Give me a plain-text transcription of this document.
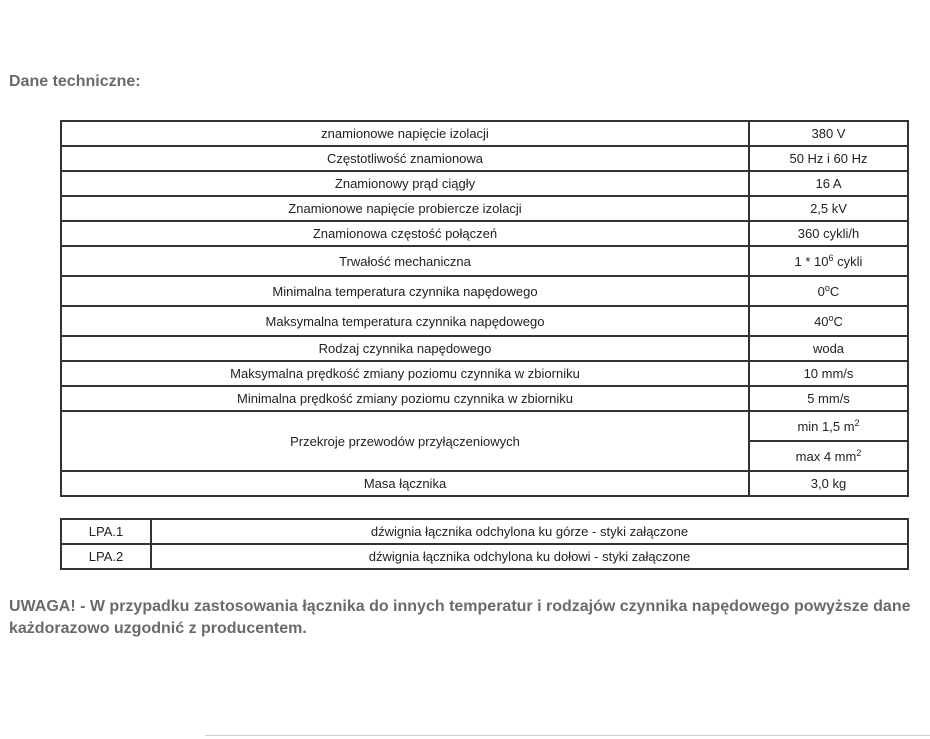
Dane techniczne:
znamionowe napięcie izolacji	380 V
Częstotliwość znamionowa	50 Hz i 60 Hz
Znamionowy prąd ciągły	16 A
Znamionowe napięcie probiercze izolacji	2,5 kV
Znamionowa częstość połączeń	360 cykli/h
Trwałość mechaniczna	$1 * 10^6$ cykli
Minimalna temperatura czynnika napędowego	0$^o$C
Maksymalna temperatura czynnika napędowego	40$^o$C
Rodzaj czynnika napędowego	woda
Maksymalna prędkość zmiany poziomu czynnika w zbiorniku	10 mm/s
Minimalna prędkość zmiany poziomu czynnika w zbiorniku	5 mm/s
Przekroje przewodów przyłączeniowych	min 1,5 $m^2$
	max 4 $mm^2$
Masa łącznika	3,0 kg
LPA.1	dźwignia łącznika odchylona ku górze - styki załączone
LPA.2	dźwignia łącznika odchylona ku dołowi - styki załączone
UWAGA! - W przypadku zastosowania łącznika do innych temperatur i rodzajów czynnika napędowego powyższe dane każdorazowo uzgodnić z producentem.
